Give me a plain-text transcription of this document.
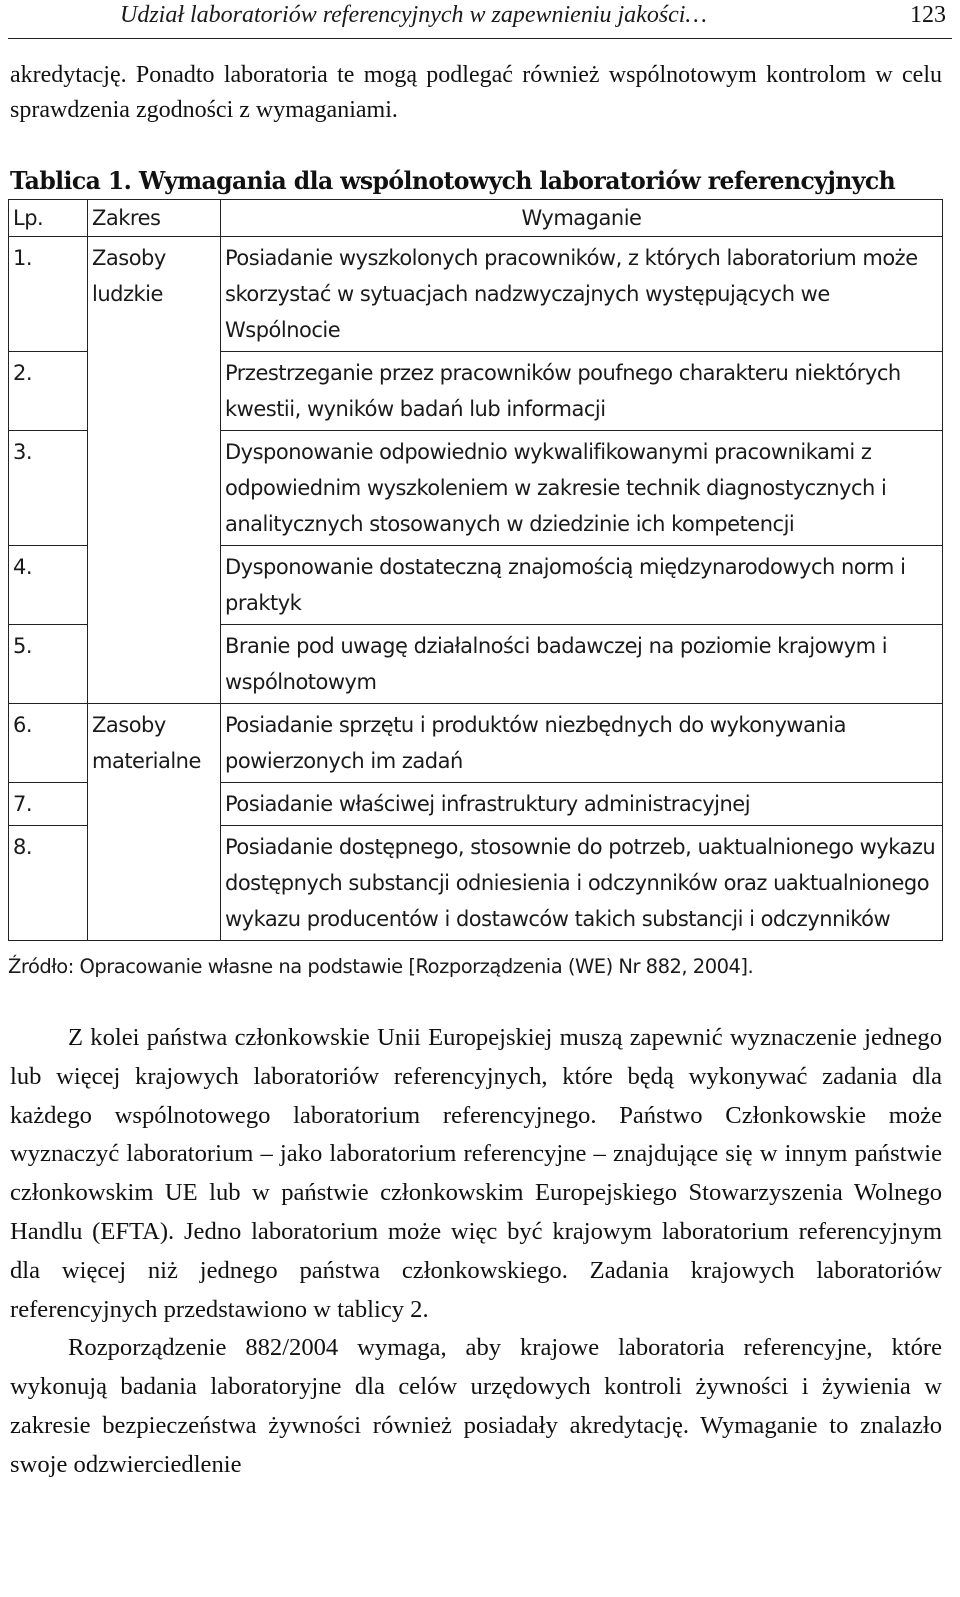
Udział laboratoriów referencyjnych w zapewnieniu jakości…	123
akredytację. Ponadto laboratoria te mogą podlegać również wspólnotowym kontrolom w celu sprawdzenia zgodności z wymaganiami.
Tablica 1. Wymagania dla wspólnotowych laboratoriów referencyjnych
Lp.	Zakres	Wymaganie
1.	Zasoby ludzkie	Posiadanie wyszkolonych pracowników, z których laboratorium może skorzystać w sytuacjach nadzwyczajnych występujących we Wspólnocie
2.		Przestrzeganie przez pracowników poufnego charakteru niektórych kwestii, wyników badań lub informacji
3.		Dysponowanie odpowiednio wykwalifikowanymi pracownikami z odpowiednim wyszkoleniem w zakresie technik diagnostycznych i analitycznych stosowanych w dziedzinie ich kompetencji
4.		Dysponowanie dostateczną znajomością międzynarodowych norm i praktyk
5.		Branie pod uwagę działalności badawczej na poziomie krajowym i wspólnotowym
6.	Zasoby materialne	Posiadanie sprzętu i produktów niezbędnych do wykonywania powierzonych im zadań
7.		Posiadanie właściwej infrastruktury administracyjnej
8.		Posiadanie dostępnego, stosownie do potrzeb, uaktualnionego wykazu dostępnych substancji odniesienia i odczynników oraz uaktualnionego wykazu producentów i dostawców takich substancji i odczynników
Źródło: Opracowanie własne na podstawie [Rozporządzenia (WE) Nr 882, 2004].

Z kolei państwa członkowskie Unii Europejskiej muszą zapewnić wyznaczenie jednego lub więcej krajowych laboratoriów referencyjnych, które będą wykonywać zadania dla każdego wspólnotowego laboratorium referencyjnego. Państwo Członkowskie może wyznaczyć laboratorium – jako laboratorium referencyjne – znajdujące się w innym państwie członkowskim UE lub w państwie członkowskim Europejskiego Stowarzyszenia Wolnego Handlu (EFTA). Jedno laboratorium może więc być krajowym laboratorium referencyjnym dla więcej niż jednego państwa członkowskiego. Zadania krajowych laboratoriów referencyjnych przedstawiono w tablicy 2.

Rozporządzenie 882/2004 wymaga, aby krajowe laboratoria referencyjne, które wykonują badania laboratoryjne dla celów urzędowych kontroli żywności i żywienia w zakresie bezpieczeństwa żywności również posiadały akredytację. Wymaganie to znalazło swoje odzwierciedlenie
